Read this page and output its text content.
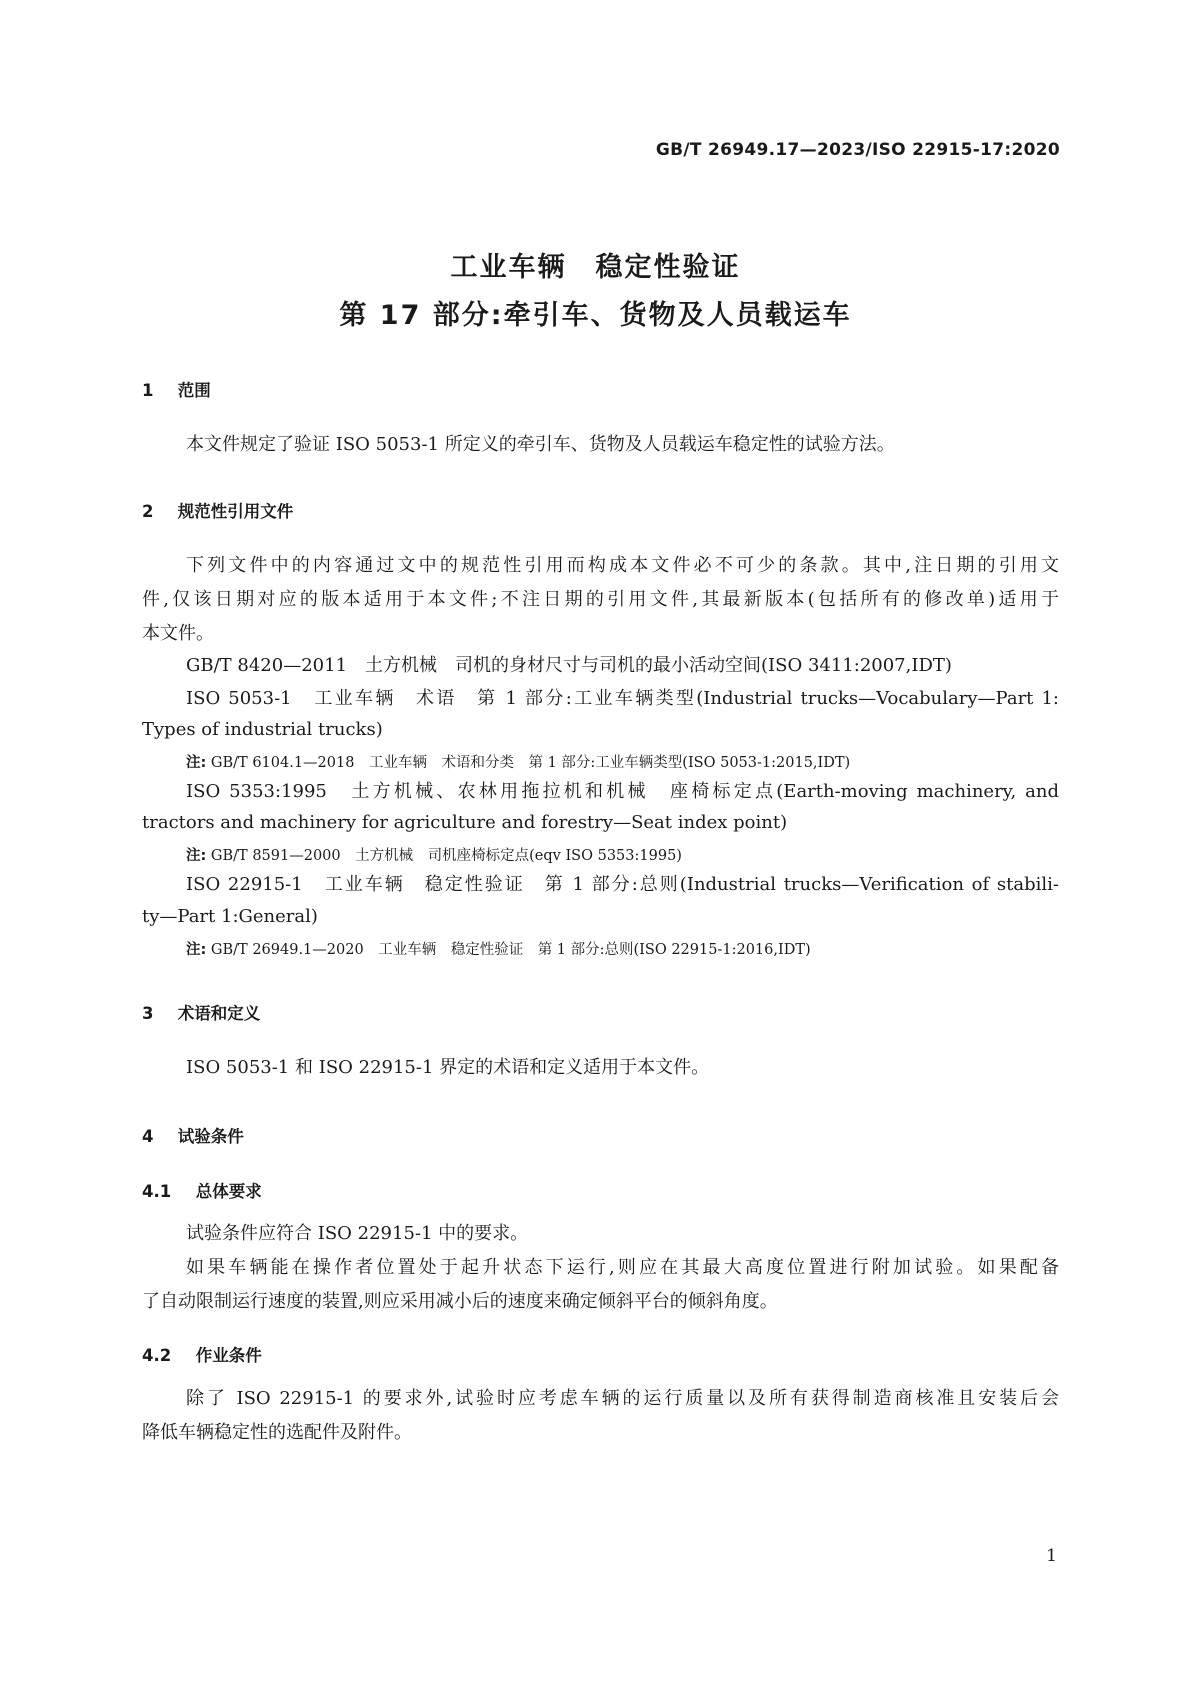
GB/T 26949.17—2023/ISO 22915-17:2020
工业车辆　稳定性验证
第 17 部分:牵引车、货物及人员载运车
1 范围
本文件规定了验证 ISO 5053-1 所定义的牵引车、货物及人员载运车稳定性的试验方法。
2 规范性引用文件
下列文件中的内容通过文中的规范性引用而构成本文件必不可少的条款。其中,注日期的引用文
件,仅该日期对应的版本适用于本文件;不注日期的引用文件,其最新版本(包括所有的修改单)适用于
本文件。
GB/T 8420—2011　土方机械　司机的身材尺寸与司机的最小活动空间(ISO 3411:2007,IDT)
ISO 5053-1　工业车辆　术语　第 1 部分:工业车辆类型(Industrial trucks—Vocabulary—Part 1:
Types of industrial trucks)
注: GB/T 6104.1—2018　工业车辆　术语和分类　第 1 部分:工业车辆类型(ISO 5053-1:2015,IDT)
ISO 5353:1995　土方机械、农林用拖拉机和机械　座椅标定点(Earth-moving machinery, and
tractors and machinery for agriculture and forestry—Seat index point)
注: GB/T 8591—2000　土方机械　司机座椅标定点(eqv ISO 5353:1995)
ISO 22915-1　工业车辆　稳定性验证　第 1 部分:总则(Industrial trucks—Verification of stabili-
ty—Part 1:General)
注: GB/T 26949.1—2020　工业车辆　稳定性验证　第 1 部分:总则(ISO 22915-1:2016,IDT)
3 术语和定义
ISO 5053-1 和 ISO 22915-1 界定的术语和定义适用于本文件。
4 试验条件
4.1 总体要求
试验条件应符合 ISO 22915-1 中的要求。
如果车辆能在操作者位置处于起升状态下运行,则应在其最大高度位置进行附加试验。如果配备
了自动限制运行速度的装置,则应采用减小后的速度来确定倾斜平台的倾斜角度。
4.2 作业条件
除了 ISO 22915-1 的要求外,试验时应考虑车辆的运行质量以及所有获得制造商核准且安装后会
降低车辆稳定性的选配件及附件。
1
